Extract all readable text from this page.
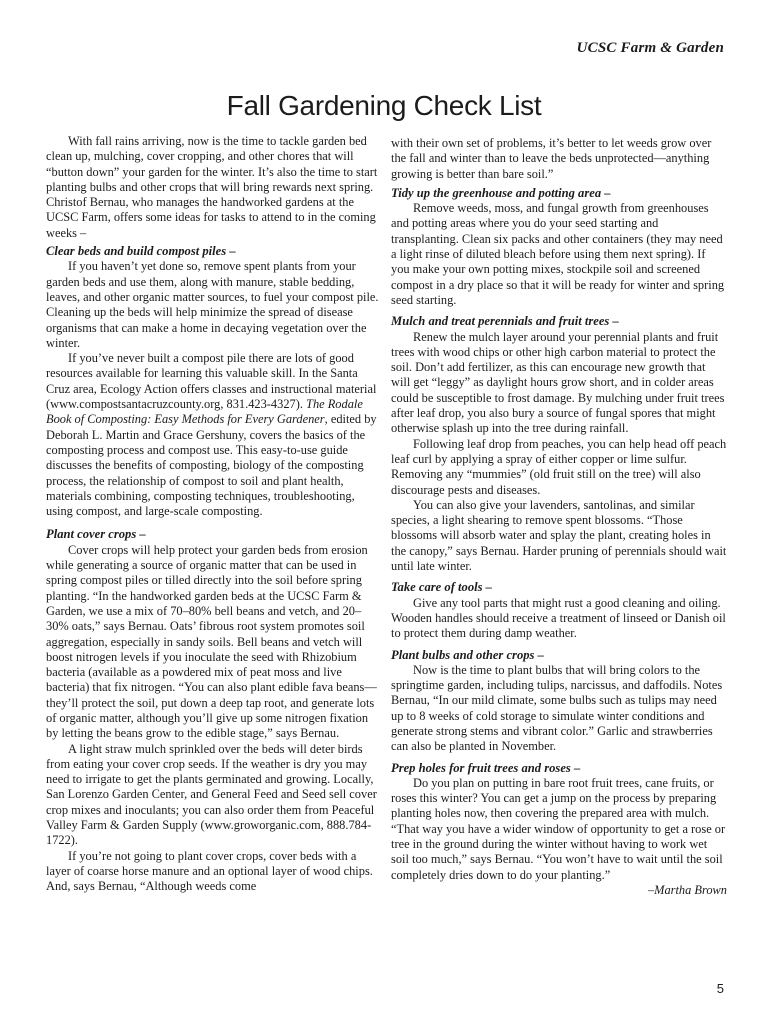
UCSC Farm & Garden
Fall Gardening Check List

With fall rains arriving, now is the time to tackle garden bed clean up, mulching, cover cropping, and other chores that will “button down” your garden for the winter. It’s also the time to start planting bulbs and other crops that will bring rewards next spring. Christof Bernau, who manages the handworked gardens at the UCSC Farm, offers some ideas for tasks to attend to in the coming weeks –

Clear beds and build compost piles –

If you haven’t yet done so, remove spent plants from your garden beds and use them, along with manure, stable bedding, leaves, and other organic matter sources, to fuel your compost pile. Cleaning up the beds will help minimize the spread of disease organisms that can make a home in decaying vegetation over the winter.

If you’ve never built a compost pile there are lots of good resources available for learning this valuable skill. In the Santa Cruz area, Ecology Action offers classes and instructional material (www.compostsantacruzcounty.org, 831.423-4327). The Rodale Book of Composting: Easy Methods for Every Gardener, edited by Deborah L. Martin and Grace Gershuny, covers the basics of the composting process and compost use. This easy-to-use guide discusses the benefits of composting, biology of the composting process, the relationship of compost to soil and plant health, materials combining, composting techniques, troubleshooting, using compost, and large-scale composting.

Plant cover crops –

Cover crops will help protect your garden beds from erosion while generating a source of organic matter that can be used in spring compost piles or tilled directly into the soil before spring planting. “In the handworked garden beds at the UCSC Farm & Garden, we use a mix of 70–80% bell beans and vetch, and 20–30% oats,” says Bernau. Oats’ fibrous root system promotes soil aggregation, especially in sandy soils. Bell beans and vetch will boost nitrogen levels if you inoculate the seed with Rhizobium bacteria (available as a powdered mix of peat moss and live bacteria) that fix nitrogen. “You can also plant edible fava beans—they’ll protect the soil, put down a deep tap root, and generate lots of organic matter, although you’ll give up some nitrogen fixation by letting the beans grow to the edible stage,” says Bernau.

A light straw mulch sprinkled over the beds will deter birds from eating your cover crop seeds. If the weather is dry you may need to irrigate to get the plants germinated and growing. Locally, San Lorenzo Garden Center, and General Feed and Seed sell cover crop mixes and inoculants; you can also order them from Peaceful Valley Farm & Garden Supply (www.groworganic.com, 888.784-1722).

If you’re not going to plant cover crops, cover beds with a layer of coarse horse manure and an optional layer of wood chips. And, says Bernau, “Although weeds come

with their own set of problems, it’s better to let weeds grow over the fall and winter than to leave the beds unprotected—anything growing is better than bare soil.”

Tidy up the greenhouse and potting area –

Remove weeds, moss, and fungal growth from greenhouses and potting areas where you do your seed starting and transplanting. Clean six packs and other containers (they may need a light rinse of diluted bleach before using them next spring). If you make your own potting mixes, stockpile soil and screened compost in a dry place so that it will be ready for winter and spring seed starting.

Mulch and treat perennials and fruit trees –

Renew the mulch layer around your perennial plants and fruit trees with wood chips or other high carbon material to protect the soil. Don’t add fertilizer, as this can encourage new growth that will get “leggy” as daylight hours grow short, and in colder areas could be susceptible to frost damage. By mulching under fruit trees after leaf drop, you also bury a source of fungal spores that might otherwise splash up into the tree during rainfall.

Following leaf drop from peaches, you can help head off peach leaf curl by applying a spray of either copper or lime sulfur. Removing any “mummies” (old fruit still on the tree) will also discourage pests and diseases.

You can also give your lavenders, santolinas, and similar species, a light shearing to remove spent blossoms. “Those blossoms will absorb water and splay the plant, creating holes in the canopy,” says Bernau. Harder pruning of perennials should wait until late winter.

Take care of tools –

Give any tool parts that might rust a good cleaning and oiling. Wooden handles should receive a treatment of linseed or Danish oil to protect them during damp weather.

Plant bulbs and other crops –

Now is the time to plant bulbs that will bring colors to the springtime garden, including tulips, narcissus, and daffodils. Notes Bernau, “In our mild climate, some bulbs such as tulips may need up to 8 weeks of cold storage to simulate winter conditions and generate strong stems and vibrant color.” Garlic and strawberries can also be planted in November.

Prep holes for fruit trees and roses –

Do you plan on putting in bare root fruit trees, cane fruits, or roses this winter? You can get a jump on the process by preparing planting holes now, then covering the prepared area with mulch. “That way you have a wider window of opportunity to get a rose or tree in the ground during the winter without having to work wet soil too much,” says Bernau. “You won’t have to wait until the soil completely dries down to do your planting.”

–Martha Brown
5
